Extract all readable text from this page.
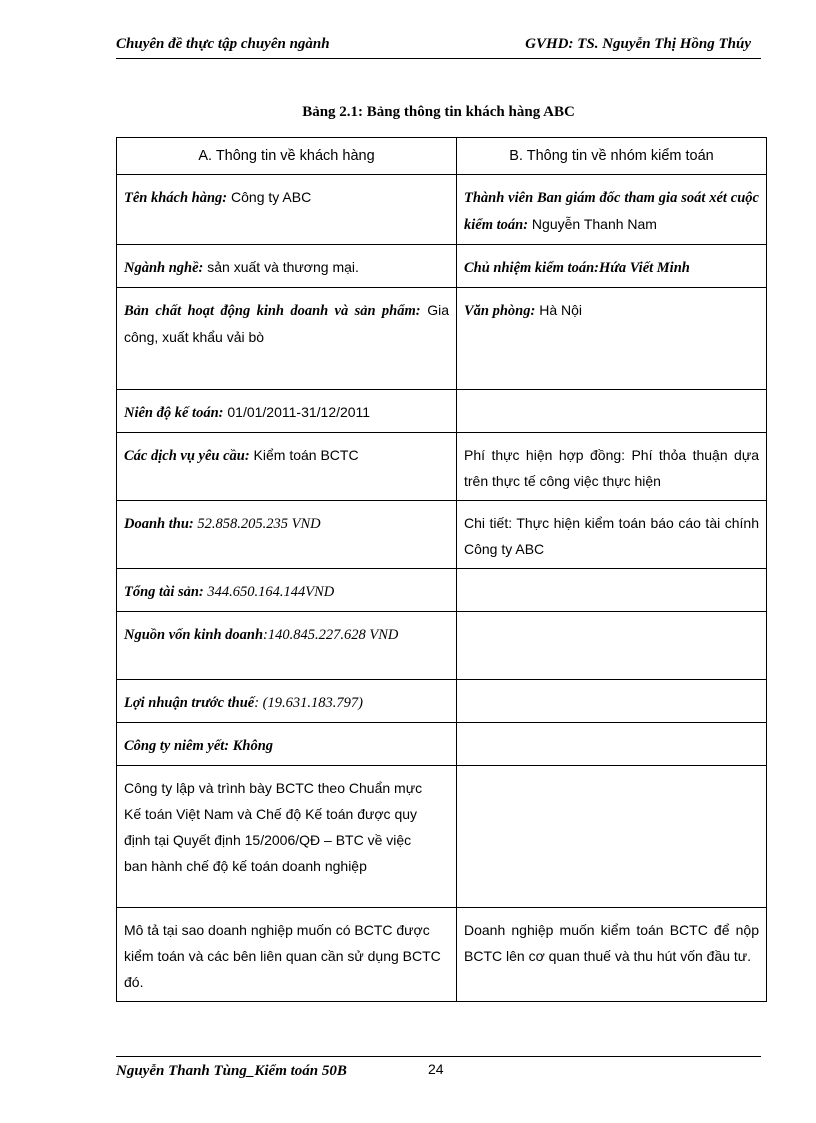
Chuyên đề thực tập chuyên ngành	GVHD: TS. Nguyễn Thị Hồng Thúy
Bảng 2.1: Bảng thông tin khách hàng ABC
A. Thông tin về khách hàng	B. Thông tin về nhóm kiểm toán
Tên khách hàng: Công ty ABC	Thành viên Ban giám đốc tham gia soát xét cuộc kiểm toán: Nguyễn Thanh Nam
Ngành nghề: sản xuất và thương mại.	Chủ nhiệm kiểm toán:Hứa Viết Minh
Bản chất hoạt động kinh doanh và sản phẩm: Gia công, xuất khẩu vải bò	Văn phòng: Hà Nội
Niên độ kế toán: 01/01/2011-31/12/2011	
Các dịch vụ yêu cầu: Kiểm toán BCTC	Phí thực hiện hợp đồng: Phí thỏa thuận dựa trên thực tế công việc thực hiện
Doanh thu: 52.858.205.235 VND	Chi tiết: Thực hiện kiểm toán báo cáo tài chính Công ty ABC
Tổng tài sản: 344.650.164.144VND	
Nguồn vốn kinh doanh:140.845.227.628 VND	
Lợi nhuận trước thuế: (19.631.183.797)	
Công ty niêm yết: Không	
Công ty lập và trình bày BCTC theo Chuẩn mực Kế toán Việt Nam và Chế độ Kế toán được quy định tại Quyết định 15/2006/QĐ – BTC về việc ban hành chế độ kế toán doanh nghiệp	
Mô tả tại sao doanh nghiệp muốn có BCTC được kiểm toán và các bên liên quan cần sử dụng BCTC đó.	Doanh nghiệp muốn kiểm toán BCTC để nộp BCTC lên cơ quan thuế và thu hút vốn đầu tư.
Nguyễn Thanh Tùng_Kiểm toán 50B	24
